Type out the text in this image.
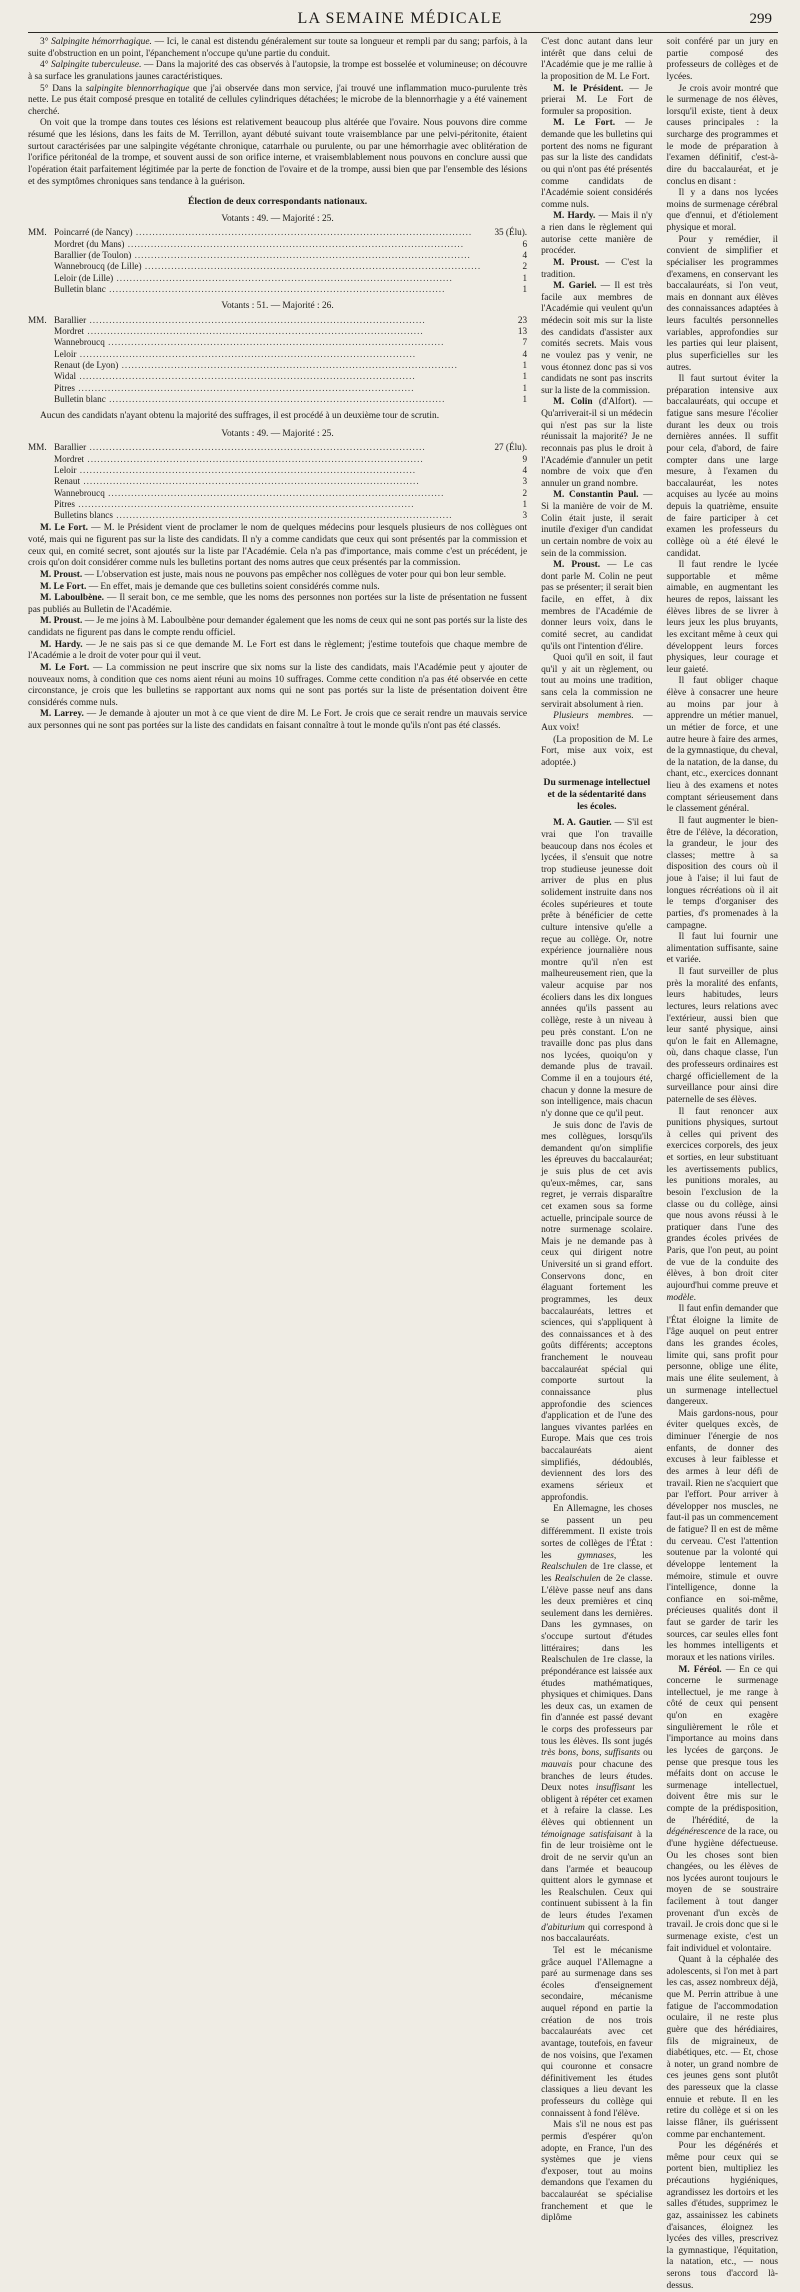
LA SEMAINE MÉDICALE	299

3° Salpingite hémorrhagique. — Ici, le canal est distendu généralement sur toute sa longueur et rempli par du sang; parfois, à la suite d'obstruction en un point, l'épanchement n'occupe qu'une partie du conduit.

4° Salpingite tuberculeuse. — Dans la majorité des cas observés à l'autopsie, la trompe est bosselée et volumineuse; on découvre à sa surface les granulations jaunes caractéristiques.

5° Dans la salpingite blennorrhagique que j'ai observée dans mon service, j'ai trouvé une inflammation muco-purulente très nette. Le pus était composé presque en totalité de cellules cylindriques détachées; le microbe de la blennorrhagie y a été vainement cherché.

On voit que la trompe dans toutes ces lésions est relativement beaucoup plus altérée que l'ovaire. Nous pouvons dire comme résumé que les lésions, dans les faits de M. Terrillon, ayant débuté suivant toute vraisemblance par une pelvi-péritonite, étaient surtout caractérisées par une salpingite végétante chronique, catarrhale ou purulente, ou par une hémorrhagie avec oblitération de l'orifice péritonéal de la trompe, et souvent aussi de son orifice interne, et vraisemblablement nous pouvons en conclure aussi que l'opération était parfaitement légitimée par la perte de fonction de l'ovaire et de la trompe, aussi bien que par l'ensemble des lésions et des symptômes chroniques sans tendance à la guérison.

Élection de deux correspondants nationaux.

Votants : 49. — Majorité : 25.
MM. Poincarré (de Nancy) .....	35 (Élu).
Mordret (du Mans) .....	6
Barallier (de Toulon) .....	4
Wannebroucq (de Lille) .....	2
Leloir (de Lille) .....	1
Bulletin blanc .....	1
Votants : 51. — Majorité : 26.
MM. Barallier .....	23
Mordret .....	13
Wannebroucq .....	7
Leloir .....	4
Renaut (de Lyon) .....	1
Widal .....	1
Pitres .....	1
Bulletin blanc .....	1

Aucun des candidats n'ayant obtenu la majorité des suffrages, il est procédé à un deuxième tour de scrutin.

Votants : 49. — Majorité : 25.
MM. Barallier .....	27 (Élu).
Mordret .....	9
Leloir .....	4
Renaut .....	3
Wannebroucq .....	2
Pitres .....	1
Bulletins blancs .....	3

M. Le Fort. — M. le Président vient de proclamer le nom de quelques médecins pour lesquels plusieurs de nos collègues ont voté, mais qui ne figurent pas sur la liste des candidats. Il n'y a comme candidats que ceux qui sont présentés par la commission et ceux qui, en comité secret, sont ajoutés sur la liste par l'Académie. Cela n'a pas d'importance, mais comme c'est un précédent, je crois qu'on doit considérer comme nuls les bulletins portant des noms autres que ceux présentés par la commission.

M. Proust. — L'observation est juste, mais nous ne pouvons pas empêcher nos collègues de voter pour qui bon leur semble.

M. Le Fort. — En effet, mais je demande que ces bulletins soient considérés comme nuls.

M. Laboulbène. — Il serait bon, ce me semble, que les noms des personnes non portées sur la liste de présentation ne fussent pas publiés au Bulletin de l'Académie.

M. Proust. — Je me joins à M. Laboulbène pour demander également que les noms de ceux qui ne sont pas portés sur la liste des candidats ne figurent pas dans le compte rendu officiel.

M. Hardy. — Je ne sais pas si ce que demande M. Le Fort est dans le règlement; j'estime toutefois que chaque membre de l'Académie a le droit de voter pour qui il veut.

M. Le Fort. — La commission ne peut inscrire que six noms sur la liste des candidats, mais l'Académie peut y ajouter de nouveaux noms, à condition que ces noms aient réuni au moins 10 suffrages. Comme cette condition n'a pas été observée en cette circonstance, je crois que les bulletins se rapportant aux noms qui ne sont pas portés sur la liste de présentation doivent être considérés comme nuls.

M. Larrey. — Je demande à ajouter un mot à ce que vient de dire M. Le Fort. Je crois que ce serait rendre un mauvais service aux personnes qui ne sont pas portées sur la liste des candidats en faisant connaître à tout le monde qu'ils n'ont pas été classés.

C'est donc autant dans leur intérêt que dans celui de l'Académie que je me rallie à la proposition de M. Le Fort.

M. le Président. — Je prierai M. Le Fort de formuler sa proposition.

M. Le Fort. — Je demande que les bulletins qui portent des noms ne figurant pas sur la liste des candidats ou qui n'ont pas été présentés comme candidats de l'Académie soient considérés comme nuls.

M. Hardy. — Mais il n'y a rien dans le règlement qui autorise cette manière de procéder.

M. Proust. — C'est la tradition.

M. Gariel. — Il est très facile aux membres de l'Académie qui veulent qu'un médecin soit mis sur la liste des candidats d'assister aux comités secrets. Mais vous ne voulez pas y venir, ne vous étonnez donc pas si vos candidats ne sont pas inscrits sur la liste de la commission.

M. Colin (d'Alfort). — Qu'arriverait-il si un médecin qui n'est pas sur la liste réunissait la majorité? Je ne reconnais pas plus le droit à l'Académie d'annuler un petit nombre de voix que d'en annuler un grand nombre.

M. Constantin Paul. — Si la manière de voir de M. Colin était juste, il serait inutile d'exiger d'un candidat un certain nombre de voix au sein de la commission.

M. Proust. — Le cas dont parle M. Colin ne peut pas se présenter; il serait bien facile, en effet, à dix membres de l'Académie de donner leurs voix, dans le comité secret, au candidat qu'ils ont l'intention d'élire.

Quoi qu'il en soit, il faut qu'il y ait un règlement, ou tout au moins une tradition, sans cela la commission ne servirait absolument à rien.

Plusieurs membres. — Aux voix!

(La proposition de M. Le Fort, mise aux voix, est adoptée.)

Du surmenage intellectuel et de la sédentarité dans les écoles.

M. A. Gautier. — S'il est vrai que l'on travaille beaucoup dans nos écoles et lycées, il s'ensuit que notre trop studieuse jeunesse doit arriver de plus en plus solidement instruite dans nos écoles supérieures et toute prête à bénéficier de cette culture intensive qu'elle a reçue au collège. Or, notre expérience journalière nous montre qu'il n'en est malheureusement rien, que la valeur acquise par nos écoliers dans les dix longues années qu'ils passent au collège, reste à un niveau à peu près constant. L'on ne travaille donc pas plus dans nos lycées, quoiqu'on y demande plus de travail. Comme il en a toujours été, chacun y donne la mesure de son intelligence, mais chacun n'y donne que ce qu'il peut.

Je suis donc de l'avis de mes collègues, lorsqu'ils demandent qu'on simplifie les épreuves du baccalauréat; je suis plus de cet avis qu'eux-mêmes, car, sans regret, je verrais disparaître cet examen sous sa forme actuelle, principale source de notre surmenage scolaire. Mais je ne demande pas à ceux qui dirigent notre Université un si grand effort. Conservons donc, en élaguant fortement les programmes, les deux baccalauréats, lettres et sciences, qui s'appliquent à des connaissances et à des goûts différents; acceptons franchement le nouveau baccalauréat spécial qui comporte surtout la connaissance plus approfondie des sciences d'application et de l'une des langues vivantes parlées en Europe. Mais que ces trois baccalauréats aient simplifiés, dédoublés, deviennent des lors des examens sérieux et approfondis.

En Allemagne, les choses se passent un peu différemment. Il existe trois sortes de collèges de l'État : les gymnases, les Realschulen de 1re classe, et les Realschulen de 2e classe. L'élève passe neuf ans dans les deux premières et cinq seulement dans les dernières. Dans les gymnases, on s'occupe surtout d'études littéraires; dans les Realschulen de 1re classe, la prépondérance est laissée aux études mathématiques, physiques et chimiques. Dans les deux cas, un examen de fin d'année est passé devant le corps des professeurs par tous les élèves. Ils sont jugés très bons, bons, suffisants ou mauvais pour chacune des branches de leurs études. Deux notes insuffisant les obligent à répéter cet examen et à refaire la classe. Les élèves qui obtiennent un témoignage satisfaisant à la fin de leur troisième ont le droit de ne servir qu'un an dans l'armée et beaucoup quittent alors le gymnase et les Realschulen. Ceux qui continuent subissent à la fin de leurs études l'examen d'abiturium qui correspond à nos baccalauréats.

Tel est le mécanisme grâce auquel l'Allemagne a paré au surmenage dans ses écoles d'enseignement secondaire, mécanisme auquel répond en partie la création de nos trois baccalauréats avec cet avantage, toutefois, en faveur de nos voisins, que l'examen qui couronne et consacre définitivement les études classiques a lieu devant les professeurs du collège qui connaissent à fond l'élève.

Mais s'il ne nous est pas permis d'espérer qu'on adopte, en France, l'un des systèmes que je viens d'exposer, tout au moins demandons que l'examen du baccalauréat se spécialise franchement et que le diplôme

soit conféré par un jury en partie composé des professeurs de collèges et de lycées.

Je crois avoir montré que le surmenage de nos élèves, lorsqu'il existe, tient à deux causes principales : la surcharge des programmes et le mode de préparation à l'examen définitif, c'est-à-dire du baccalauréat, et je conclus en disant :

Il y a dans nos lycées moins de surmenage cérébral que d'ennui, et d'étiolement physique et moral.

Pour y remédier, il convient de simplifier et spécialiser les programmes d'examens, en conservant les baccalauréats, si l'on veut, mais en donnant aux élèves des connaissances adaptées à leurs facultés personnelles variables, approfondies sur les parties qui leur plaisent, plus superficielles sur les autres.

Il faut surtout éviter la préparation intensive aux baccalauréats, qui occupe et fatigue sans mesure l'écolier durant les deux ou trois dernières années. Il suffit pour cela, d'abord, de faire compter dans une large mesure, à l'examen du baccalauréat, les notes acquises au lycée au moins depuis la quatrième, ensuite de faire participer à cet examen les professeurs du collège où a été élevé le candidat.

Il faut rendre le lycée supportable et même aimable, en augmentant les heures de repos, laissant les élèves libres de se livrer à leurs jeux les plus bruyants, les excitant même à ceux qui développent leurs forces physiques, leur courage et leur gaieté.

Il faut obliger chaque élève à consacrer une heure au moins par jour à apprendre un métier manuel, un métier de force, et une autre heure à faire des armes, de la gymnastique, du cheval, de la natation, de la danse, du chant, etc., exercices donnant lieu à des examens et notes comptant sérieusement dans le classement général.

Il faut augmenter le bien-être de l'élève, la décoration, la grandeur, le jour des classes; mettre à sa disposition des cours où il joue à l'aise; il lui faut de longues récréations où il ait le temps d'organiser des parties, d's promenades à la campagne.

Il faut lui fournir une alimentation suffisante, saine et variée.

Il faut surveiller de plus près la moralité des enfants, leurs habitudes, leurs lectures, leurs relations avec l'extérieur, aussi bien que leur santé physique, ainsi qu'on le fait en Allemagne, où, dans chaque classe, l'un des professeurs ordinaires est chargé officiellement de la surveillance pour ainsi dire paternelle de ses élèves.

Il faut renoncer aux punitions physiques, surtout à celles qui privent des exercices corporels, des jeux et sorties, en leur substituant les avertissements publics, les punitions morales, au besoin l'exclusion de la classe ou du collège, ainsi que nous avons réussi à le pratiquer dans l'une des grandes écoles privées de Paris, que l'on peut, au point de vue de la conduite des élèves, à bon droit citer aujourd'hui comme preuve et modèle.

Il faut enfin demander que l'État éloigne la limite de l'âge auquel on peut entrer dans les grandes écoles, limite qui, sans profit pour personne, oblige une élite, mais une élite seulement, à un surmenage intellectuel dangereux.

Mais gardons-nous, pour éviter quelques excès, de diminuer l'énergie de nos enfants, de donner des excuses à leur faiblesse et des armes à leur défi de travail. Rien ne s'acquiert que par l'effort. Pour arriver à développer nos muscles, ne faut-il pas un commencement de fatigue? Il en est de même du cerveau. C'est l'attention soutenue par la volonté qui développe lentement la mémoire, stimule et ouvre l'intelligence, donne la confiance en soi-même, précieuses qualités dont il faut se garder de tarir les sources, car seules elles font les hommes intelligents et moraux et les nations viriles.

M. Féréol. — En ce qui concerne le surmenage intellectuel, je me range à côté de ceux qui pensent qu'on en exagère singulièrement le rôle et l'importance au moins dans les lycées de garçons. Je pense que presque tous les méfaits dont on accuse le surmenage intellectuel, doivent être mis sur le compte de la prédisposition, de l'hérédité, de la dégénérescence de la race, ou d'une hygiène défectueuse. Ou les choses sont bien changées, ou les élèves de nos lycées auront toujours le moyen de se soustraire facilement à tout danger provenant d'un excès de travail. Je crois donc que si le surmenage existe, c'est un fait individuel et volontaire.

Quant à la céphalée des adolescents, si l'on met à part les cas, assez nombreux déjà, que M. Perrin attribue à une fatigue de l'accommodation oculaire, il ne reste plus guère que des hérédiaires, fils de migraineux, de diabétiques, etc. — Et, chose à noter, un grand nombre de ces jeunes gens sont plutôt des paresseux que la classe ennuie et rebute. Il en les retire du collège et si on les laisse flâner, ils guérissent comme par enchantement.

Pour les dégénérés et même pour ceux qui se portent bien, multipliez les précautions hygiéniques, agrandissez les dortoirs et les salles d'études, supprimez le gaz, assainissez les cabinets d'aisances, éloignez les lycées des villes, prescrivez la gymnastique, l'équitation, la natation, etc., — nous serons tous d'accord là-dessus.
